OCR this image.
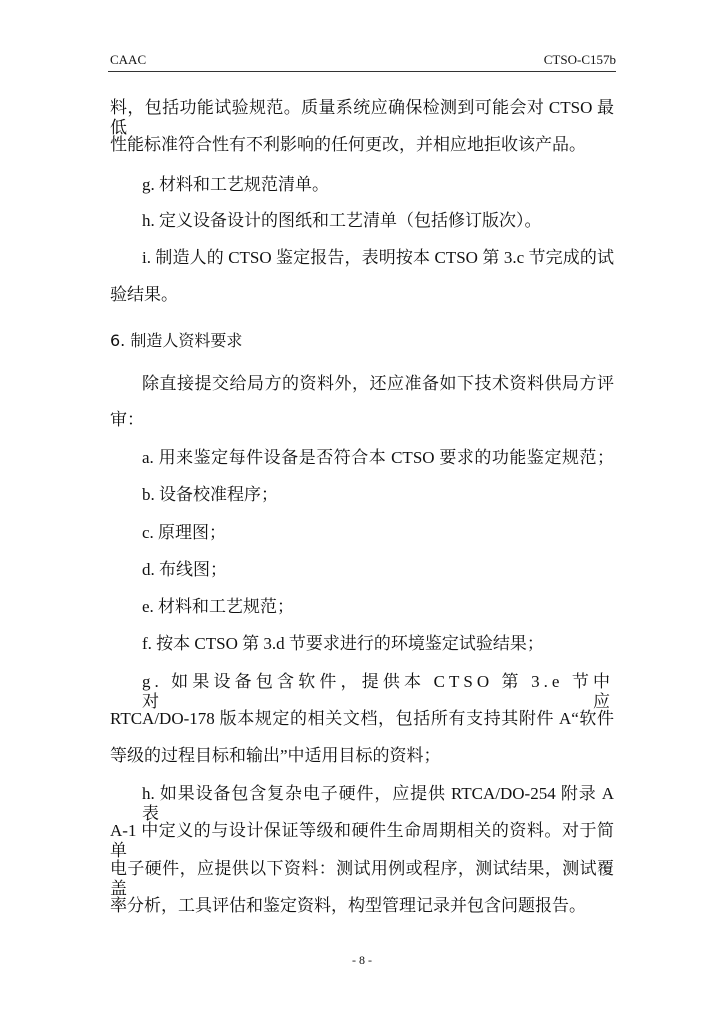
CAAC	CTSO-C157b
料，包括功能试验规范。质量系统应确保检测到可能会对 CTSO 最低
性能标准符合性有不利影响的任何更改，并相应地拒收该产品。
g. 材料和工艺规范清单。
h. 定义设备设计的图纸和工艺清单（包括修订版次）。
i. 制造人的 CTSO 鉴定报告，表明按本 CTSO 第 3.c 节完成的试
验结果。
6. 制造人资料要求
除直接提交给局方的资料外，还应准备如下技术资料供局方评
审：
a. 用来鉴定每件设备是否符合本 CTSO 要求的功能鉴定规范；
b. 设备校准程序；
c. 原理图；
d. 布线图；
e. 材料和工艺规范；
f. 按本 CTSO 第 3.d 节要求进行的环境鉴定试验结果；
g. 如果设备包含软件，提供本 CTSO 第 3.e 节中对应
RTCA/DO-178 版本规定的相关文档，包括所有支持其附件 A“软件
等级的过程目标和输出”中适用目标的资料；
h. 如果设备包含复杂电子硬件，应提供 RTCA/DO-254 附录 A 表
A-1 中定义的与设计保证等级和硬件生命周期相关的资料。对于简单
电子硬件，应提供以下资料：测试用例或程序，测试结果，测试覆盖
率分析，工具评估和鉴定资料，构型管理记录并包含问题报告。
- 8 -
